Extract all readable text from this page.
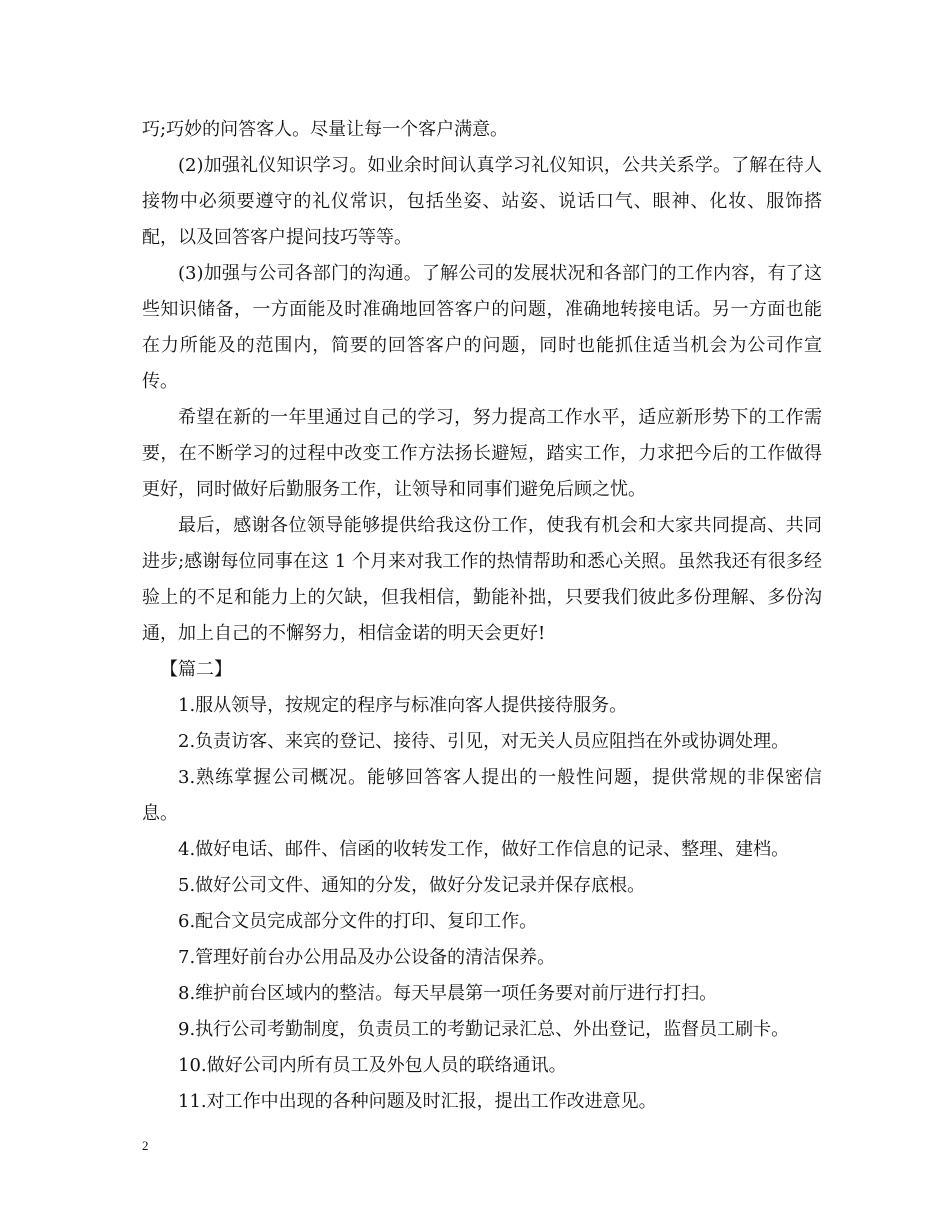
巧;巧妙的问答客人。尽量让每一个客户满意。

(2)加强礼仪知识学习。如业余时间认真学习礼仪知识，公共关系学。了解在待人接物中必须要遵守的礼仪常识，包括坐姿、站姿、说话口气、眼神、化妆、服饰搭配，以及回答客户提问技巧等等。

(3)加强与公司各部门的沟通。了解公司的发展状况和各部门的工作内容，有了这些知识储备，一方面能及时准确地回答客户的问题，准确地转接电话。另一方面也能在力所能及的范围内，简要的回答客户的问题，同时也能抓住适当机会为公司作宣传。

希望在新的一年里通过自己的学习，努力提高工作水平，适应新形势下的工作需要，在不断学习的过程中改变工作方法扬长避短，踏实工作，力求把今后的工作做得更好，同时做好后勤服务工作，让领导和同事们避免后顾之忧。

最后，感谢各位领导能够提供给我这份工作，使我有机会和大家共同提高、共同进步;感谢每位同事在这 1 个月来对我工作的热情帮助和悉心关照。虽然我还有很多经验上的不足和能力上的欠缺，但我相信，勤能补拙，只要我们彼此多份理解、多份沟通，加上自己的不懈努力，相信金诺的明天会更好!

【篇二】

1.服从领导，按规定的程序与标准向客人提供接待服务。

2.负责访客、来宾的登记、接待、引见，对无关人员应阻挡在外或协调处理。

3.熟练掌握公司概况。能够回答客人提出的一般性问题，提供常规的非保密信息。

4.做好电话、邮件、信函的收转发工作，做好工作信息的记录、整理、建档。

5.做好公司文件、通知的分发，做好分发记录并保存底根。

6.配合文员完成部分文件的打印、复印工作。

7.管理好前台办公用品及办公设备的清洁保养。

8.维护前台区域内的整洁。每天早晨第一项任务要对前厅进行打扫。

9.执行公司考勤制度，负责员工的考勤记录汇总、外出登记，监督员工刷卡。

10.做好公司内所有员工及外包人员的联络通讯。

11.对工作中出现的各种问题及时汇报，提出工作改进意见。

2
